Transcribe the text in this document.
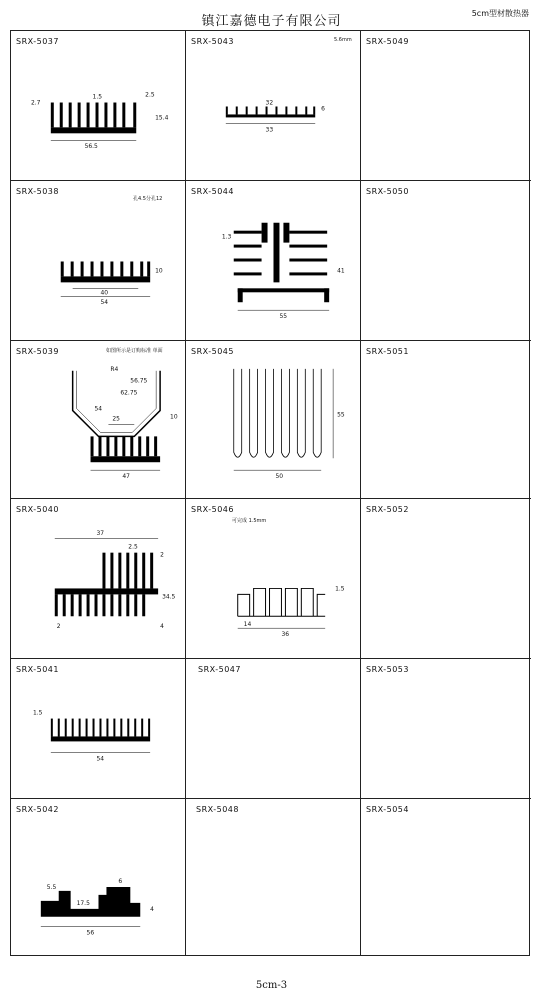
镇江嘉德电子有限公司
5cm型材散热器
SRX-5037
2.7
1.5	2.5
15.4
56.5
SRX-5043	5.6mm
32
33
6
SRX-5049
SRX-5038
孔4.5分孔12
40
54
10
SRX-5044
1.3
41
55
SRX-5050
SRX-5039	如图所示是订购标准 单面
R4
56.75
62.75
54
25	10
47
SRX-5045
55
50
SRX-5051
SRX-5040
37
2.5
2
34.5
4
2
SRX-5046
可完成 1.5mm
1.5
14
36
SRX-5052
SRX-5041
1.5
54
SRX-5047	SRX-5053
SRX-5042
5.5
6
17.5
56
4
SRX-5048	SRX-5054
5cm-3
